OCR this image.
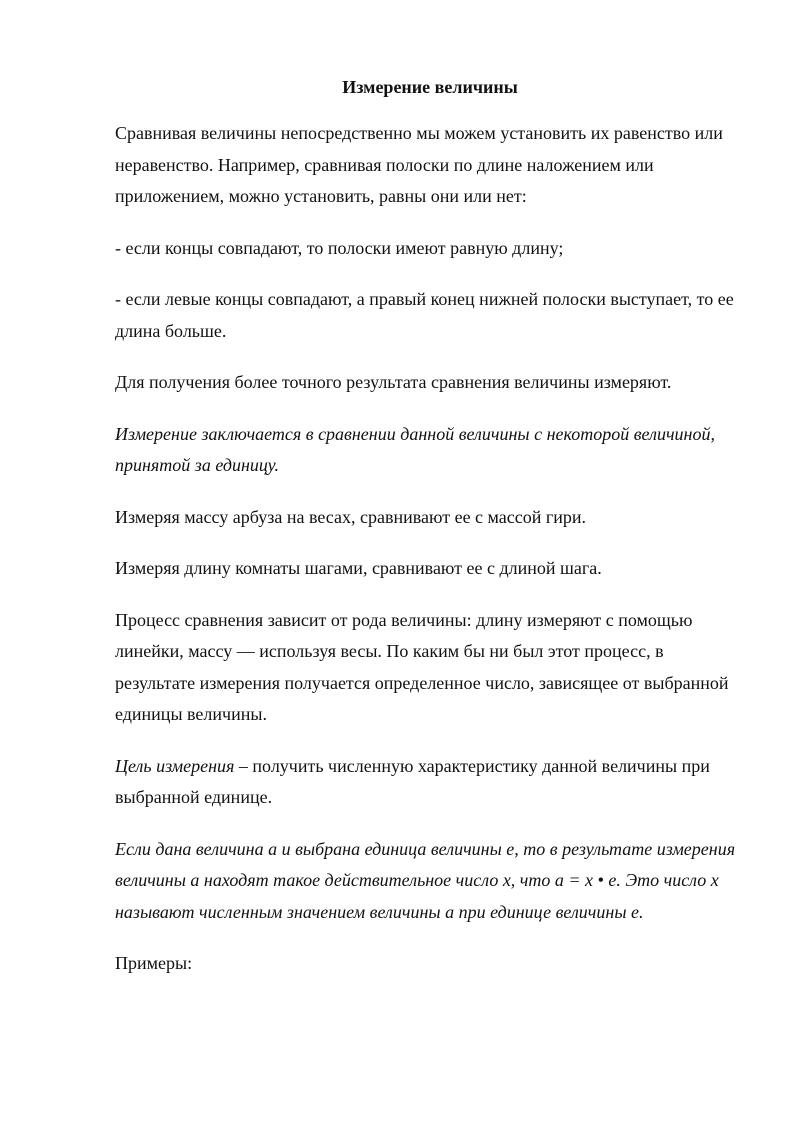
Измерение величины

Сравнивая величины непосредственно мы можем установить их равенство или неравенство. Например, сравнивая полоски по длине наложением или приложением, можно установить, равны они или нет:

- если концы совпадают, то полоски имеют равную длину;

- если левые концы совпадают, а правый конец нижней полоски выступает, то ее длина больше.

Для получения более точного результата сравнения величины измеряют.

Измерение заключается в сравнении данной величины с некоторой величиной, принятой за единицу.

Измеряя массу арбуза на весах, сравнивают ее с массой гири.

Измеряя длину комнаты шагами, сравнивают ее с длиной шага.

Процесс сравнения зависит от рода величины: длину измеряют с помощью линейки, массу — используя весы. По каким бы ни был этот процесс, в результате измерения получается определенное число, зависящее от выбранной единицы величины.

Цель измерения – получить численную характеристику данной величины при выбранной единице.

Если дана величина а и выбрана единица величины е, то в результате измерения величины а находят такое действительное число х, что а = х • е. Это число х называют численным значением величины а при единице величины е.

Примеры:
